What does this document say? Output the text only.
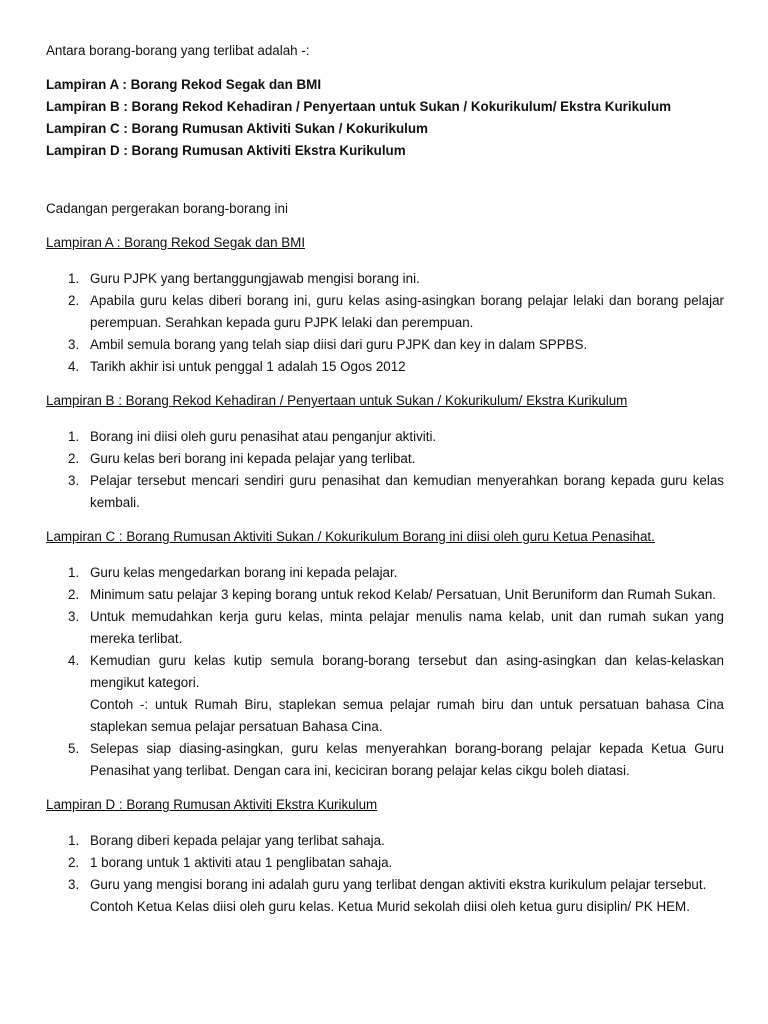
Antara borang-borang yang terlibat adalah -:
Lampiran A : Borang Rekod Segak dan BMI
Lampiran B : Borang Rekod Kehadiran / Penyertaan untuk Sukan / Kokurikulum/ Ekstra Kurikulum
Lampiran C : Borang Rumusan Aktiviti Sukan / Kokurikulum
Lampiran D : Borang Rumusan Aktiviti Ekstra Kurikulum
Cadangan pergerakan borang-borang ini
Lampiran A : Borang Rekod Segak dan BMI
1. Guru PJPK yang bertanggungjawab mengisi borang ini.
2. Apabila guru kelas diberi borang ini, guru kelas asing-asingkan borang pelajar lelaki dan borang pelajar perempuan. Serahkan kepada guru PJPK lelaki dan perempuan.
3. Ambil semula borang yang telah siap diisi dari guru PJPK dan key in dalam SPPBS.
4. Tarikh akhir isi untuk penggal 1 adalah 15 Ogos 2012
Lampiran B : Borang Rekod Kehadiran / Penyertaan untuk Sukan / Kokurikulum/ Ekstra Kurikulum
1. Borang ini diisi oleh guru penasihat atau penganjur aktiviti.
2. Guru kelas beri borang ini kepada pelajar yang terlibat.
3. Pelajar tersebut mencari sendiri guru penasihat dan kemudian menyerahkan borang kepada guru kelas kembali.
Lampiran C : Borang Rumusan Aktiviti Sukan / Kokurikulum Borang ini diisi oleh guru Ketua Penasihat.
1. Guru kelas mengedarkan borang ini kepada pelajar.
2. Minimum satu pelajar 3 keping borang untuk rekod Kelab/ Persatuan, Unit Beruniform dan Rumah Sukan.
3. Untuk memudahkan kerja guru kelas, minta pelajar menulis nama kelab, unit dan rumah sukan yang mereka terlibat.
4. Kemudian guru kelas kutip semula borang-borang tersebut dan asing-asingkan dan kelas-kelaskan mengikut kategori.
Contoh -: untuk Rumah Biru, staplekan semua pelajar rumah biru dan untuk persatuan bahasa Cina staplekan semua pelajar persatuan Bahasa Cina.
5. Selepas siap diasing-asingkan, guru kelas menyerahkan borang-borang pelajar kepada Ketua Guru Penasihat yang terlibat. Dengan cara ini, keciciran borang pelajar kelas cikgu boleh diatasi.
Lampiran D : Borang Rumusan Aktiviti Ekstra Kurikulum
1. Borang diberi kepada pelajar yang terlibat sahaja.
2. 1 borang untuk 1 aktiviti atau 1 penglibatan sahaja.
3. Guru yang mengisi borang ini adalah guru yang terlibat dengan aktiviti ekstra kurikulum pelajar tersebut.
Contoh Ketua Kelas diisi oleh guru kelas. Ketua Murid sekolah diisi oleh ketua guru disiplin/ PK HEM.
